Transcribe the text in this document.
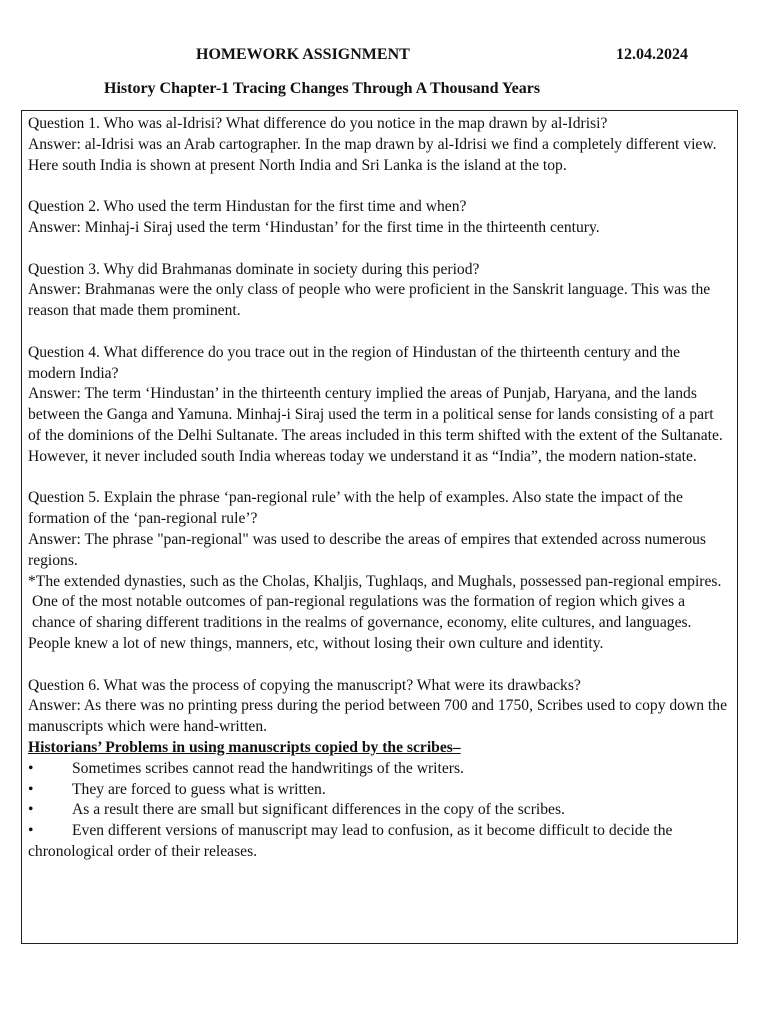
HOMEWORK ASSIGNMENT	12.04.2024
History Chapter-1 Tracing Changes Through A Thousand Years

Question 1. Who was al-Idrisi? What difference do you notice in the map drawn by al-Idrisi?

Answer: al-Idrisi was an Arab cartographer. In the map drawn by al-Idrisi we find a completely different view. Here south India is shown at present North India and Sri Lanka is the island at the top.

Question 2. Who used the term Hindustan for the first time and when?

Answer: Minhaj-i Siraj used the term ‘Hindustan’ for the first time in the thirteenth century.

Question 3. Why did Brahmanas dominate in society during this period?

Answer: Brahmanas were the only class of people who were proficient in the Sanskrit language. This was the reason that made them prominent.

Question 4. What difference do you trace out in the region of Hindustan of the thirteenth century and the modern India?

Answer: The term ‘Hindustan’ in the thirteenth century implied the areas of Punjab, Haryana, and the lands between the Ganga and Yamuna. Minhaj-i Siraj used the term in a political sense for lands consisting of a part of the dominions of the Delhi Sultanate. The areas included in this term shifted with the extent of the Sultanate. However, it never included south India whereas today we understand it as “India”, the modern nation-state.

Question 5. Explain the phrase ‘pan-regional rule’ with the help of examples. Also state the impact of the formation of the ‘pan-regional rule’?

Answer: The phrase "pan-regional" was used to describe the areas of empires that extended across numerous regions.

*The extended dynasties, such as the Cholas, Khaljis, Tughlaqs, and Mughals, possessed pan-regional empires.

One of the most notable outcomes of pan-regional regulations was the formation of region which gives a chance of sharing different traditions in the realms of governance, economy, elite cultures, and languages.

People knew a lot of new things, manners, etc, without losing their own culture and identity.

Question 6. What was the process of copying the manuscript? What were its drawbacks?

Answer: As there was no printing press during the period between 700 and 1750, Scribes used to copy down the manuscripts which were hand-written.

Historians’ Problems in using manuscripts copied by the scribes–

• Sometimes scribes cannot read the handwritings of the writers.
• They are forced to guess what is written.
• As a result there are small but significant differences in the copy of the scribes.
• Even different versions of manuscript may lead to confusion, as it become difficult to decide the chronological order of their releases.
